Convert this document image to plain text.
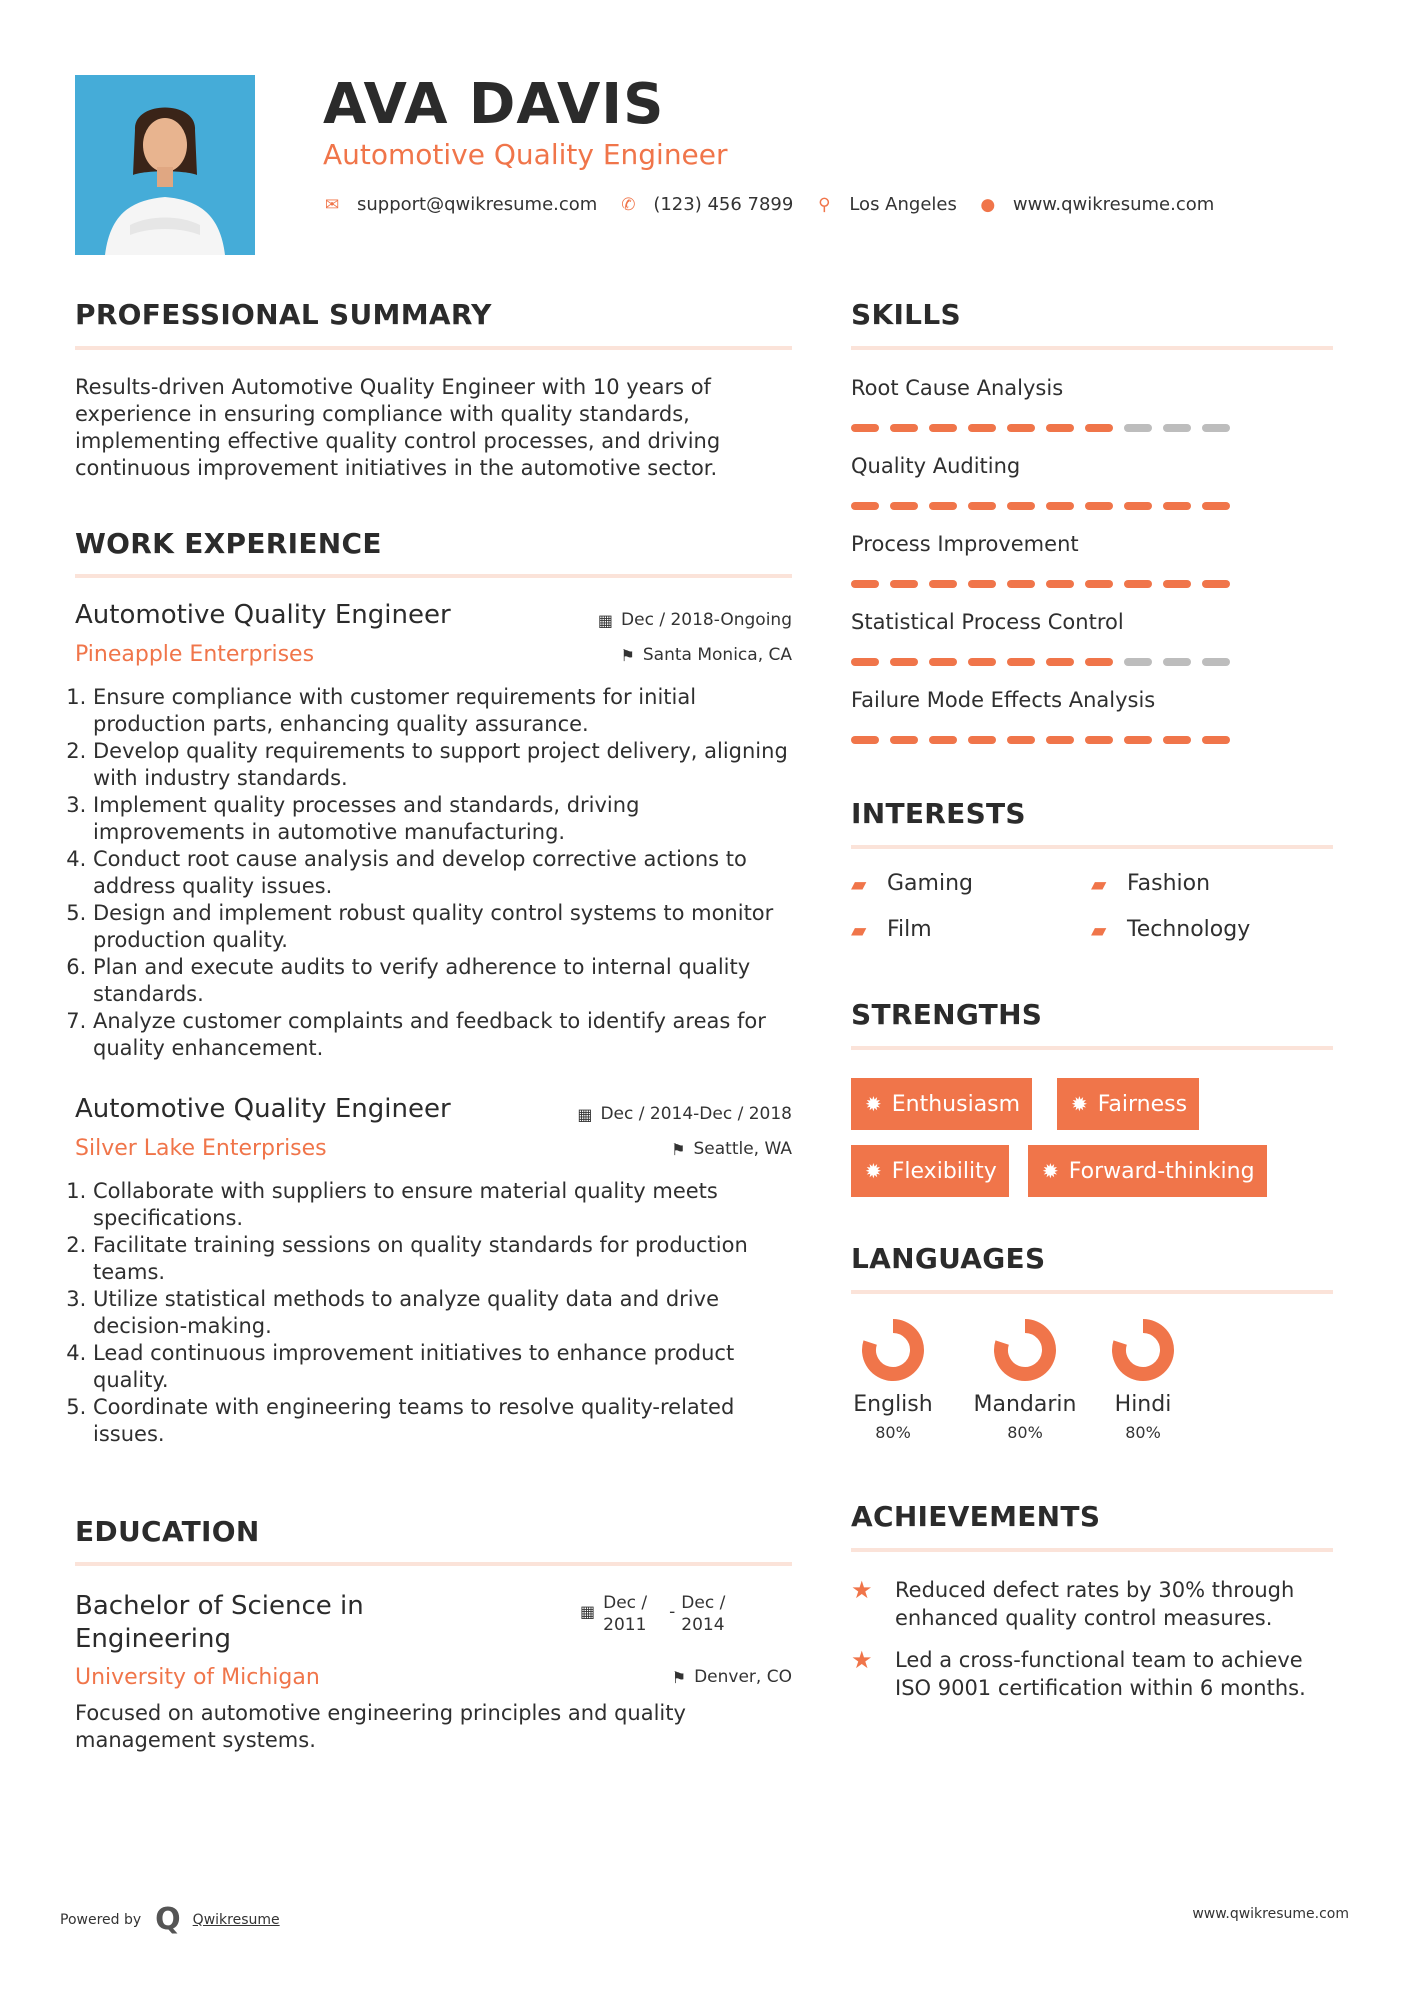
AVA DAVIS
Automotive Quality Engineer
✉ support@qwikresume.com ✆ (123) 456 7899 ⚲ Los Angeles ● www.qwikresume.com
PROFESSIONAL SUMMARY
Results-driven Automotive Quality Engineer with 10 years of experience in ensuring compliance with quality standards, implementing effective quality control processes, and driving continuous improvement initiatives in the automotive sector.
WORK EXPERIENCE
Automotive Quality Engineer	▦ Dec / 2018-Ongoing
Pineapple Enterprises	⚑ Santa Monica, CA
1. Ensure compliance with customer requirements for initial production parts, enhancing quality assurance.
2. Develop quality requirements to support project delivery, aligning with industry standards.
3. Implement quality processes and standards, driving improvements in automotive manufacturing.
4. Conduct root cause analysis and develop corrective actions to address quality issues.
5. Design and implement robust quality control systems to monitor production quality.
6. Plan and execute audits to verify adherence to internal quality standards.
7. Analyze customer complaints and feedback to identify areas for quality enhancement.
Automotive Quality Engineer	▦ Dec / 2014-Dec / 2018
Silver Lake Enterprises	⚑ Seattle, WA
1. Collaborate with suppliers to ensure material quality meets specifications.
2. Facilitate training sessions on quality standards for production teams.
3. Utilize statistical methods to analyze quality data and drive decision-making.
4. Lead continuous improvement initiatives to enhance product quality.
5. Coordinate with engineering teams to resolve quality-related issues.
EDUCATION
Bachelor of Science in Engineering
▦ Dec / 2011
- Dec / 2014
University of Michigan	⚑ Denver, CO
Focused on automotive engineering principles and quality management systems.
SKILLS
Root Cause Analysis
Quality Auditing
Process Improvement
Statistical Process Control
Failure Mode Effects Analysis
INTERESTS
▰ Gaming	▰ Fashion
▰ Film	▰ Technology
STRENGTHS
✹ Enthusiasm	✹ Fairness
✹ Flexibility ✹ Forward-thinking
LANGUAGES
English
80%
Mandarin
80%
Hindi
80%
ACHIEVEMENTS
★	Reduced defect rates by 30% through enhanced quality control measures.
★	Led a cross-functional team to achieve ISO 9001 certification within 6 months.
Powered by Q Qwikresume	www.qwikresume.com
